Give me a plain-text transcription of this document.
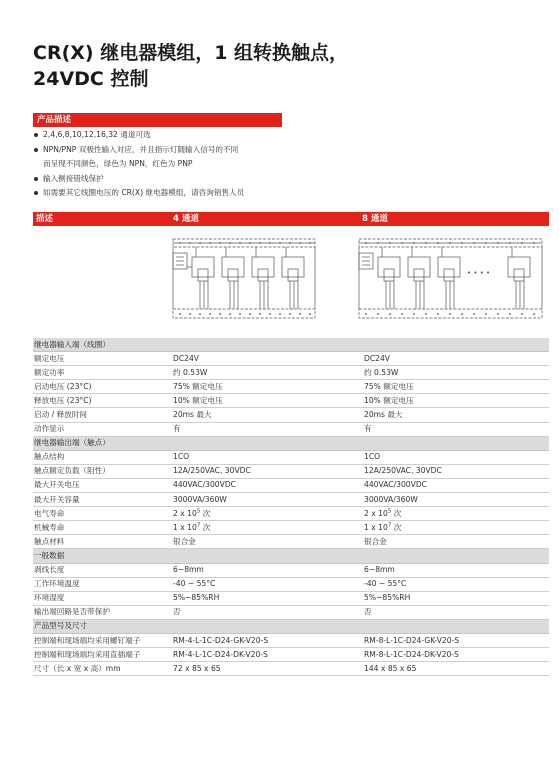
CR(X) 继电器模组，1 组转换触点，
24VDC 控制
产品描述
2,4,6,8,10,12,16,32 通道可选
NPN/PNP 双极性输入对应，并且指示灯随输入信号的不同
而呈现不同颜色，绿色为 NPN，红色为 PNP
输入侧接错线保护
如需要其它线圈电压的 CR(X) 继电器模组，请咨询销售人员
描述	4 通道	8 通道
• • • •
继电器输入端（线圈）		
额定电压	DC24V	DC24V
额定功率	约 0.53W	约 0.53W
启动电压 (23°C)	75% 额定电压	75% 额定电压
释放电压 (23°C)	10% 额定电压	10% 额定电压
启动 / 释放时间	20ms 最大	20ms 最大
动作显示	有	有
继电器输出端（触点）		
触点结构	1CO	1CO
触点额定负载（阻性）	12A/250VAC, 30VDC	12A/250VAC, 30VDC
最大开关电压	440VAC/300VDC	440VAC/300VDC
最大开关容量	3000VA/360W	3000VA/360W
电气寿命	2 x $10^5$ 次	2 x $10^5$ 次
机械寿命	1 x $10^7$ 次	1 x $10^7$ 次
触点材料	银合金	银合金
一般数据		
剥线长度	6~8mm	6~8mm
工作环境温度	-40 ~ 55°C	-40 ~ 55°C
环境湿度	5%~85%RH	5%~85%RH
输出端回路是否带保护	否	否
产品型号及尺寸		
控制端和现场端均采用螺钉端子	RM-4-L-1C-D24-GK-V20-S	RM-8-L-1C-D24-GK-V20-S
控制端和现场端均采用直插端子	RM-4-L-1C-D24-DK-V20-S	RM-8-L-1C-D24-DK-V20-S
尺寸（长 x 宽 x 高）mm	72 x 85 x 65	144 x 85 x 65
